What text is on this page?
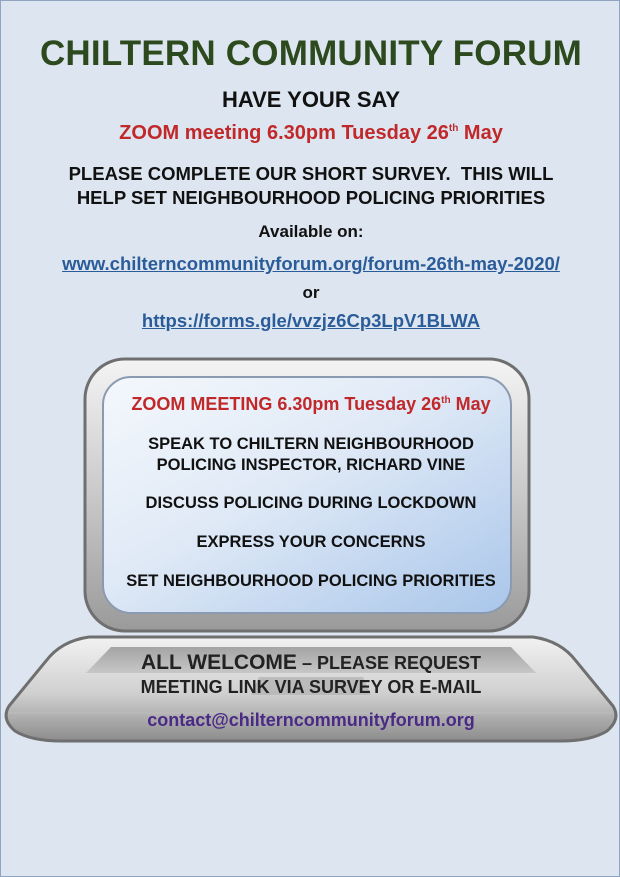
CHILTERN COMMUNITY FORUM
HAVE YOUR SAY
ZOOM meeting 6.30pm Tuesday 26th May
PLEASE COMPLETE OUR SHORT SURVEY.  THIS WILL
HELP SET NEIGHBOURHOOD POLICING PRIORITIES
Available on:
www.chilterncommunityforum.org/forum-26th-may-2020/
or
https://forms.gle/vvzjz6Cp3LpV1BLWA
ZOOM MEETING 6.30pm Tuesday 26th May
SPEAK TO CHILTERN NEIGHBOURHOOD
POLICING INSPECTOR, RICHARD VINE
DISCUSS POLICING DURING LOCKDOWN
EXPRESS YOUR CONCERNS
SET NEIGHBOURHOOD POLICING PRIORITIES
ALL WELCOME – PLEASE REQUEST
MEETING LINK VIA SURVEY OR E-MAIL
contact@chilterncommunityforum.org
